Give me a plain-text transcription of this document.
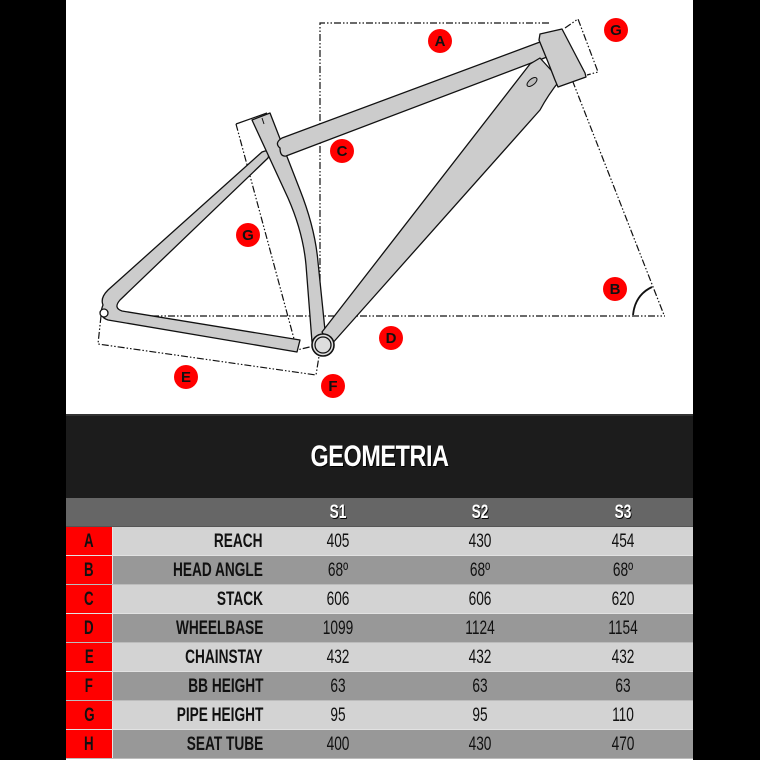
A
G
C
G
B
D
E
F
GEOMETRIA
S1	S2	S3
A	REACH	405	430	454
B	HEAD ANGLE	68º	68º	68º
C	STACK	606	606	620
D	WHEELBASE	1099	1124	1154
E	CHAINSTAY	432	432	432
F	BB HEIGHT	63	63	63
G	PIPE HEIGHT	95	95	110
H	SEAT TUBE	400	430	470
